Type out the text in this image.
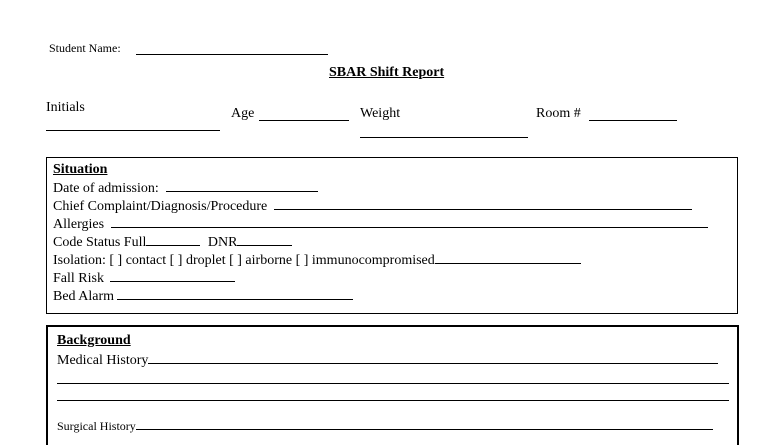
Student Name:
SBAR Shift Report
Initials	Age	Weight	Room #
Situation
Date of admission:
Chief Complaint/Diagnosis/Procedure
Allergies
Code Status Full	DNR
Isolation: [ ] contact [ ] droplet [ ] airborne [ ] immunocompromised
Fall Risk
Bed Alarm
Background
Medical History
Surgical History
